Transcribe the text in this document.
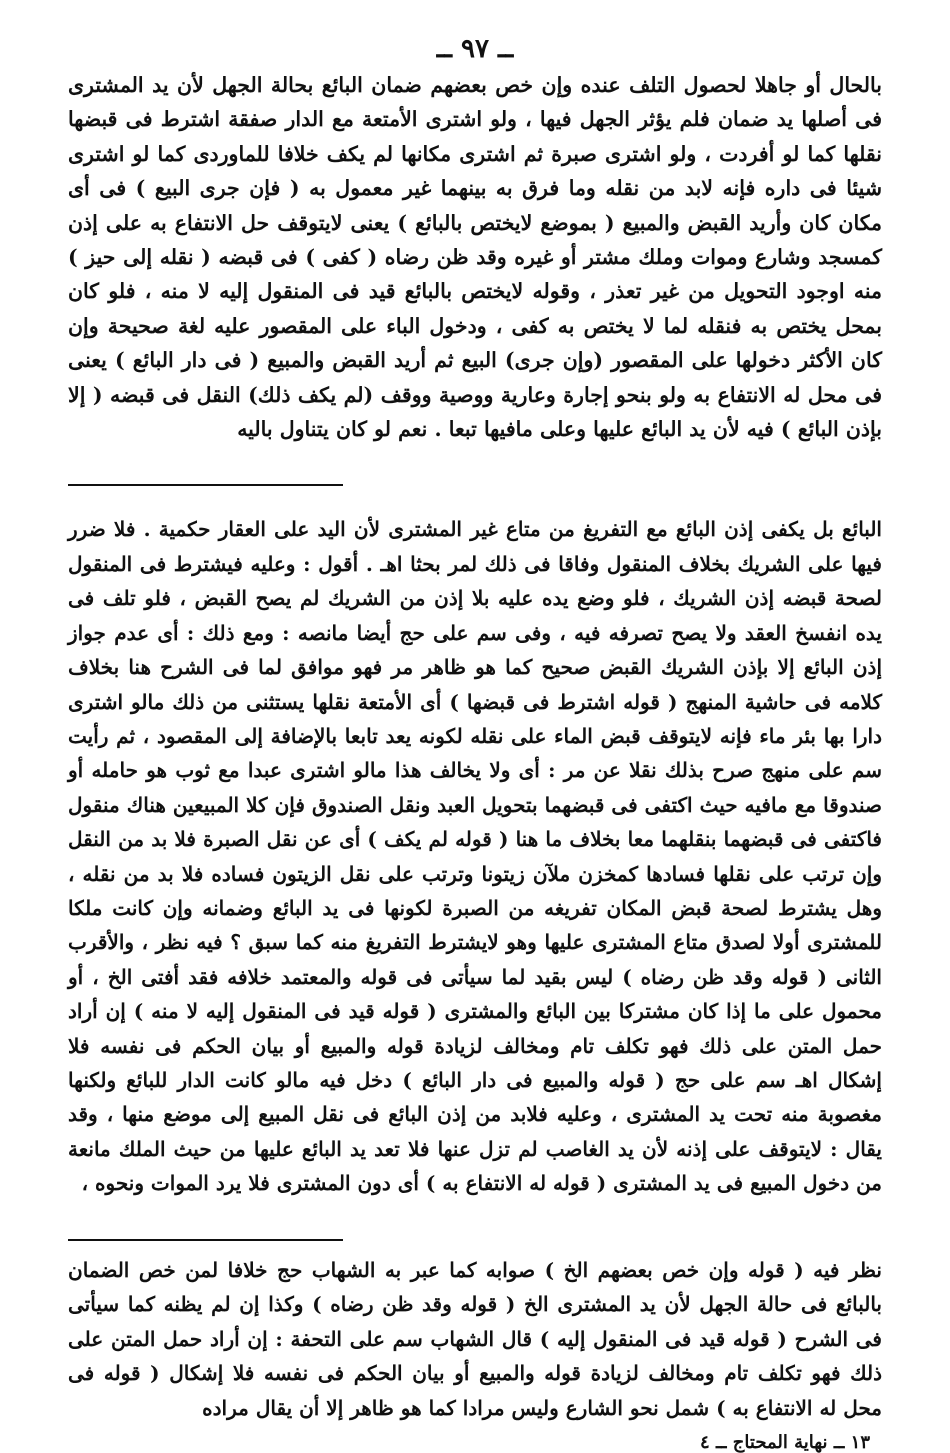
ــ ٩٧ ــ

بالحال أو جاهلا لحصول التلف عنده وإن خص بعضهم ضمان البائع بحالة الجهل لأن يد المشترى فى أصلها يد ضمان فلم يؤثر الجهل فيها ، ولو اشترى الأمتعة مع الدار صفقة اشترط فى قبضها نقلها كما لو أفردت ، ولو اشترى صبرة ثم اشترى مكانها لم يكف خلافا للماوردى كما لو اشترى شيئا فى داره فإنه لابد من نقله وما فرق به بينهما غير معمول به ( فإن جرى البيع ) فى أى مكان كان وأريد القبض والمبيع ( بموضع لايختص بالبائع ) يعنى لايتوقف حل الانتفاع به على إذن كمسجد وشارع وموات وملك مشتر أو غيره وقد ظن رضاه ( كفى ) فى قبضه ( نقله إلى حيز ) منه اوجود التحويل من غير تعذر ، وقوله لايختص بالبائع قيد فى المنقول إليه لا منه ، فلو كان بمحل يختص به فنقله لما لا يختص به كفى ، ودخول الباء على المقصور عليه لغة صحيحة وإن كان الأكثر دخولها على المقصور (وإن جرى) البيع ثم أريد القبض والمبيع ( فى دار البائع ) يعنى فى محل له الانتفاع به ولو بنحو إجارة وعارية ووصية ووقف (لم يكف ذلك) النقل فى قبضه ( إلا بإذن البائع ) فيه لأن يد البائع عليها وعلى مافيها تبعا . نعم لو كان يتناول باليه

البائع بل يكفى إذن البائع مع التفريغ من متاع غير المشترى لأن اليد على العقار حكمية . فلا ضرر فيها على الشريك بخلاف المنقول وفاقا فى ذلك لمر بحثا اهـ . أقول : وعليه فيشترط فى المنقول لصحة قبضه إذن الشريك ، فلو وضع يده عليه بلا إذن من الشريك لم يصح القبض ، فلو تلف فى يده انفسخ العقد ولا يصح تصرفه فيه ، وفى سم على حج أيضا مانصه : ومع ذلك : أى عدم جواز إذن البائع إلا بإذن الشريك القبض صحيح كما هو ظاهر مر فهو موافق لما فى الشرح هنا بخلاف كلامه فى حاشية المنهج ( قوله اشترط فى قبضها ) أى الأمتعة نقلها يستثنى من ذلك مالو اشترى دارا بها بئر ماء فإنه لايتوقف قبض الماء على نقله لكونه يعد تابعا بالإضافة إلى المقصود ، ثم رأيت سم على منهج صرح بذلك نقلا عن مر : أى ولا يخالف هذا مالو اشترى عبدا مع ثوب هو حامله أو صندوقا مع مافيه حيث اكتفى فى قبضهما بتحويل العبد ونقل الصندوق فإن كلا المبيعين هناك منقول فاكتفى فى قبضهما بنقلهما معا بخلاف ما هنا ( قوله لم يكف ) أى عن نقل الصبرة فلا بد من النقل وإن ترتب على نقلها فسادها كمخزن ملآن زيتونا وترتب على نقل الزيتون فساده فلا بد من نقله ، وهل يشترط لصحة قبض المكان تفريغه من الصبرة لكونها فى يد البائع وضمانه وإن كانت ملكا للمشترى أولا لصدق متاع المشترى عليها وهو لايشترط التفريغ منه كما سبق ؟ فيه نظر ، والأقرب الثانى ( قوله وقد ظن رضاه ) ليس بقيد لما سيأتى فى قوله والمعتمد خلافه فقد أفتى الخ ، أو محمول على ما إذا كان مشتركا بين البائع والمشترى ( قوله قيد فى المنقول إليه لا منه ) إن أراد حمل المتن على ذلك فهو تكلف تام ومخالف لزيادة قوله والمبيع أو بيان الحكم فى نفسه فلا إشكال اهـ سم على حج ( قوله والمبيع فى دار البائع ) دخل فيه مالو كانت الدار للبائع ولكنها مغصوبة منه تحت يد المشترى ، وعليه فلابد من إذن البائع فى نقل المبيع إلى موضع منها ، وقد يقال : لايتوقف على إذنه لأن يد الغاصب لم تزل عنها فلا تعد يد البائع عليها من حيث الملك مانعة من دخول المبيع فى يد المشترى ( قوله له الانتفاع به ) أى دون المشترى فلا يرد الموات ونحوه ،

نظر فيه ( قوله وإن خص بعضهم الخ ) صوابه كما عبر به الشهاب حج خلافا لمن خص الضمان بالبائع فى حالة الجهل لأن يد المشترى الخ ( قوله وقد ظن رضاه ) وكذا إن لم يظنه كما سيأتى فى الشرح ( قوله قيد فى المنقول إليه ) قال الشهاب سم على التحفة : إن أراد حمل المتن على ذلك فهو تكلف تام ومخالف لزيادة قوله والمبيع أو بيان الحكم فى نفسه فلا إشكال ( قوله فى محل له الانتفاع به ) شمل نحو الشارع وليس مرادا كما هو ظاهر إلا أن يقال مراده

١٣ ــ نهاية المحتاج ــ ٤
